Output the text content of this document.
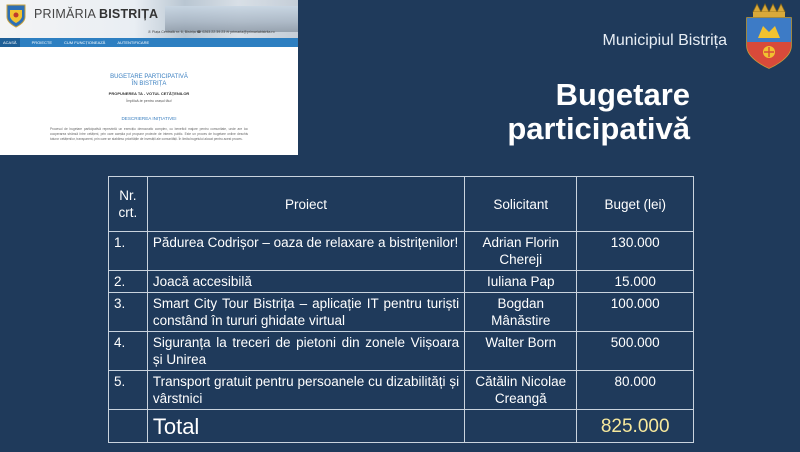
PRIMĂRIA BISTRIȚA
✆ Piața Centrală nr. 6, Bistrița ☎ 0263.22.39.23 ✉ primaria@primariabistrita.ro
ACASĂ	PROIECTE	CUM FUNCȚIONEAZĂ	AUTENTIFICARE
BUGETARE PARTICIPATIVĂ
ÎN BISTRIȚA
PROPUNEREA TA - VOTUL CETĂȚENILOR
Împliică-te pentru orașul tău!
DESCRIEREA INIȚIATIVEI
Procesul de bugetare participativă reprezintă un exercițiu democratic complex, cu beneficii majore pentru comunitate, unde are loc cooperarea strânsă între cetățeni, prin care aceștia pot propune proiecte de interes public. Este un proces de bugetare online deschis tuturor cetățenilor, transparent, prin care se stabilesc prioritățile de investiții ale comunității. În limita bugetului alocat pentru acest proces.
Municipiul Bistrița
Bugetare
participativă
Nr. crt.	Proiect	Solicitant	Buget (lei)
1.	Pădurea Codrișor – oaza de relaxare a bistrițenilor!	Adrian Florin Chereji	130.000
2.	Joacă accesibilă	Iuliana Pap	15.000
3.	Smart City Tour Bistrița – aplicație IT pentru turiști constând în tururi ghidate virtual	Bogdan Mânăstire	100.000
4.	Siguranța la treceri de pietoni din zonele Viișoara și Unirea	Walter Born	500.000
5.	Transport gratuit pentru persoanele cu dizabilități și vârstnici	Cătălin Nicolae Creangă	80.000
	Total		825.000
